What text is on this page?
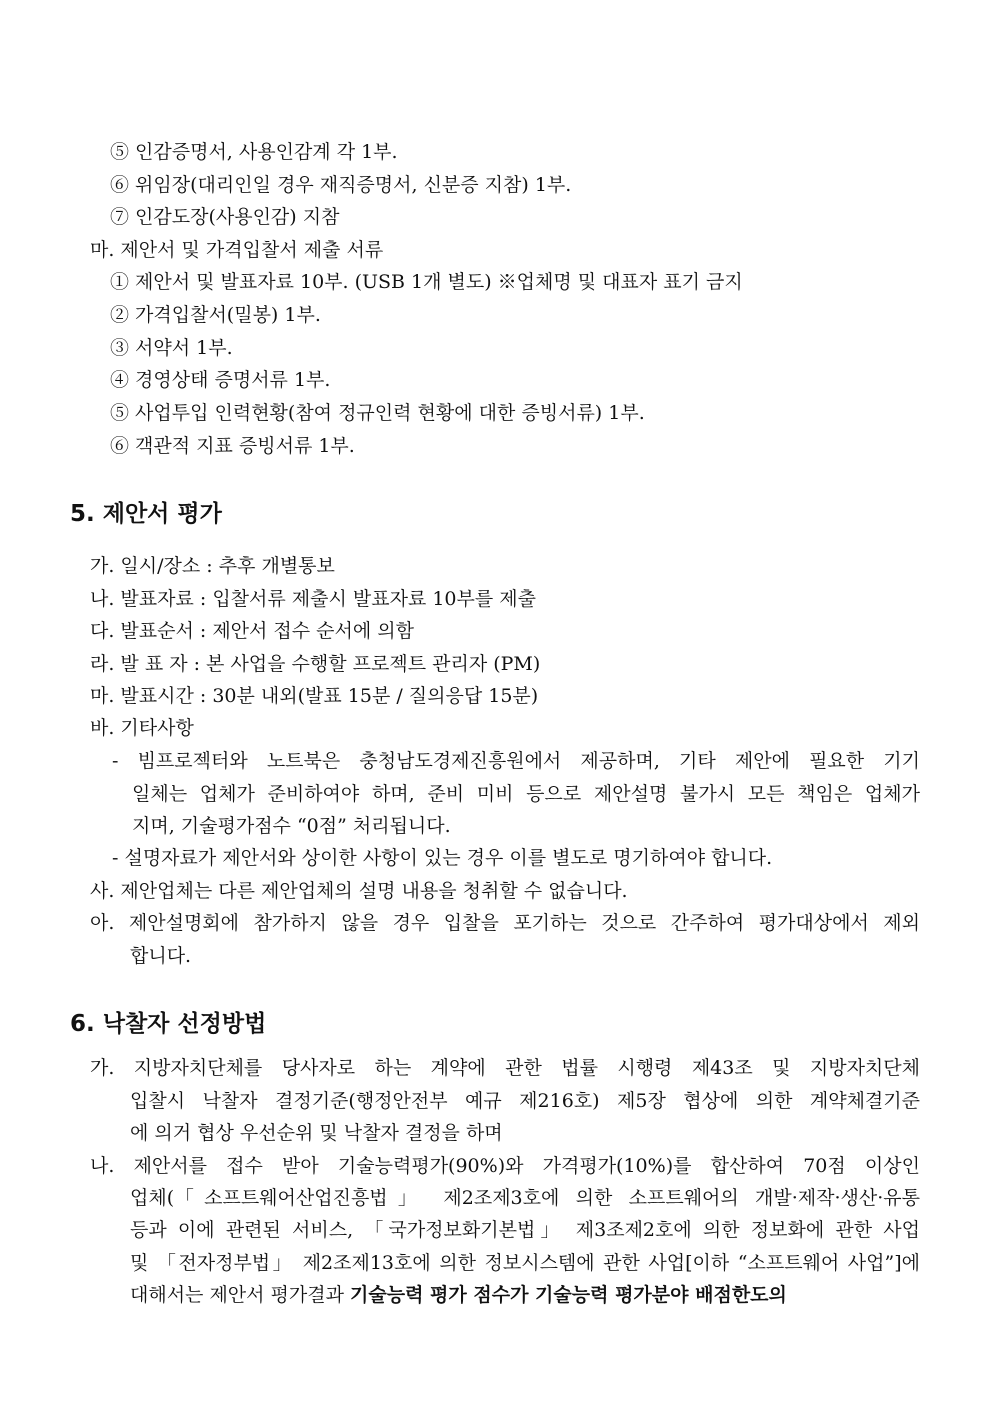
⑤ 인감증명서, 사용인감계 각 1부.
⑥ 위임장(대리인일 경우 재직증명서, 신분증 지참) 1부.
⑦ 인감도장(사용인감) 지참
마. 제안서 및 가격입찰서 제출 서류
① 제안서 및 발표자료 10부. (USB 1개 별도) ※업체명 및 대표자 표기 금지
② 가격입찰서(밀봉) 1부.
③ 서약서 1부.
④ 경영상태 증명서류 1부.
⑤ 사업투입 인력현황(참여 정규인력 현황에 대한 증빙서류) 1부.
⑥ 객관적 지표 증빙서류 1부.
5. 제안서 평가
가. 일시/장소 : 추후 개별통보
나. 발표자료 : 입찰서류 제출시 발표자료 10부를 제출
다. 발표순서 : 제안서 접수 순서에 의함
라. 발 표 자 : 본 사업을 수행할 프로젝트 관리자 (PM)
마. 발표시간 : 30분 내외(발표 15분 / 질의응답 15분)
바. 기타사항
- 빔프로젝터와 노트북은 충청남도경제진흥원에서 제공하며, 기타 제안에 필요한 기기
일체는 업체가 준비하여야 하며, 준비 미비 등으로 제안설명 불가시 모든 책임은 업체가
지며, 기술평가점수 “0점” 처리됩니다.
- 설명자료가 제안서와 상이한 사항이 있는 경우 이를 별도로 명기하여야 합니다.
사. 제안업체는 다른 제안업체의 설명 내용을 청취할 수 없습니다.
아. 제안설명회에 참가하지 않을 경우 입찰을 포기하는 것으로 간주하여 평가대상에서 제외
합니다.
6. 낙찰자 선정방법
가. 지방자치단체를 당사자로 하는 계약에 관한 법률 시행령 제43조 및 지방자치단체
입찰시 낙찰자 결정기준(행정안전부 예규 제216호) 제5장 협상에 의한 계약체결기준
에 의거 협상 우선순위 및 낙찰자 결정을 하며
나. 제안서를 접수 받아 기술능력평가(90%)와 가격평가(10%)를 합산하여 70점 이상인
업체(「소프트웨어산업진흥법」 제2조제3호에 의한 소프트웨어의 개발·제작·생산·유통
등과 이에 관련된 서비스, 「국가정보화기본법」 제3조제2호에 의한 정보화에 관한 사업
및 「전자정부법」 제2조제13호에 의한 정보시스템에 관한 사업[이하 “소프트웨어 사업”]에
대해서는 제안서 평가결과 기술능력 평가 점수가 기술능력 평가분야 배점한도의
